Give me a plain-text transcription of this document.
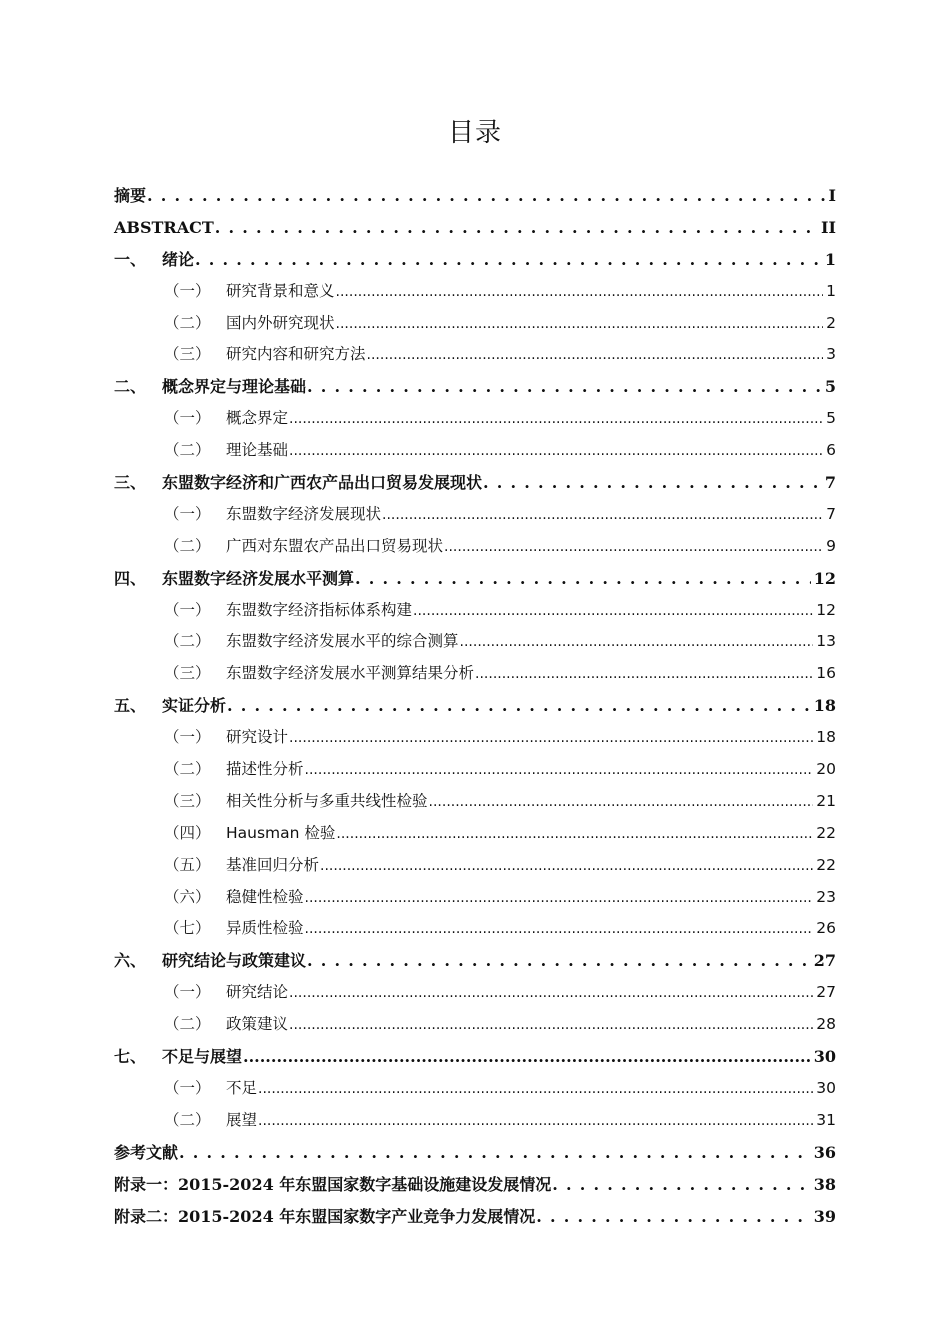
目录
摘要 . . .	I
ABSTRACT . . .	II
一、 绪论 . . .	1
（一） 研究背景和意义 .....	1
（二） 国内外研究现状 .....	2
（三） 研究内容和研究方法 .....	3
二、 概念界定与理论基础 . . .	5
（一） 概念界定 .....	5
（二） 理论基础 .....	6
三、 东盟数字经济和广西农产品出口贸易发展现状 . . .	7
（一） 东盟数字经济发展现状 .....	7
（二） 广西对东盟农产品出口贸易现状 .....	9
四、 东盟数字经济发展水平测算 . . .	12
（一） 东盟数字经济指标体系构建 .....	12
（二） 东盟数字经济发展水平的综合测算 .....	13
（三） 东盟数字经济发展水平测算结果分析 .....	16
五、 实证分析 . . .	18
（一） 研究设计 .....	18
（二） 描述性分析 .....	20
（三） 相关性分析与多重共线性检验 .....	21
（四） Hausman 检验 .....	22
（五） 基准回归分析 .....	22
（六） 稳健性检验 .....	23
（七） 异质性检验 .....	26
六、 研究结论与政策建议 . . .	27
（一） 研究结论 .....	27
（二） 政策建议 .....	28
七、 不足与展望 .....	30
（一） 不足 .....	30
（二） 展望 .....	31
参考文献 . . .	36
附录一：2015-2024 年东盟国家数字基础设施建设发展情况 . . .	38
附录二：2015-2024 年东盟国家数字产业竞争力发展情况 . . .	39
